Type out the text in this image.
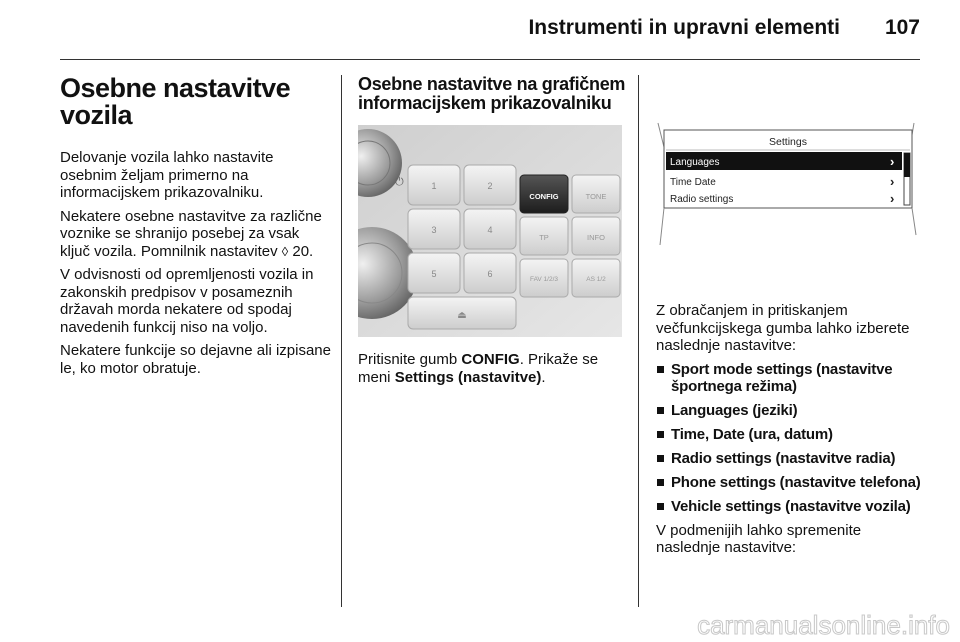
Instrumenti in upravni elementi 107
Osebne nastavitve vozila

Delovanje vozila lahko nastavite osebnim željam primerno na informacijskem prikazovalniku.

Nekatere osebne nastavitve za različne voznike se shranijo posebej za vsak ključ vozila. Pomnilnik nastavitev ◊ 20.

V odvisnosti od opremljenosti vozila in zakonskih predpisov v posameznih državah morda nekatere od spodaj navedenih funkcij niso na voljo.

Nekatere funkcije so dejavne ali izpisane le, ko motor obratuje.

Osebne nastavitve na grafičnem informacijskem prikazovalniku
⏻	1	2
CONFIG	TONE
3	4
TP	INFO
5	6
FAV 1/2/3	AS 1/2
⏏

Pritisnite gumb CONFIG. Prikaže se meni Settings (nastavitve).

Settings
Languages	›
Time Date	›
Radio settings	›

Z obračanjem in pritiskanjem večfunkcijskega gumba lahko izberete naslednje nastavitve:

Sport mode settings (nastavitve športnega režima)
Languages (jeziki)
Time, Date (ura, datum)
Radio settings (nastavitve radia)
Phone settings (nastavitve telefona)
Vehicle settings (nastavitve vozila)

V podmenijih lahko spremenite naslednje nastavitve:

carmanualsonline.info
